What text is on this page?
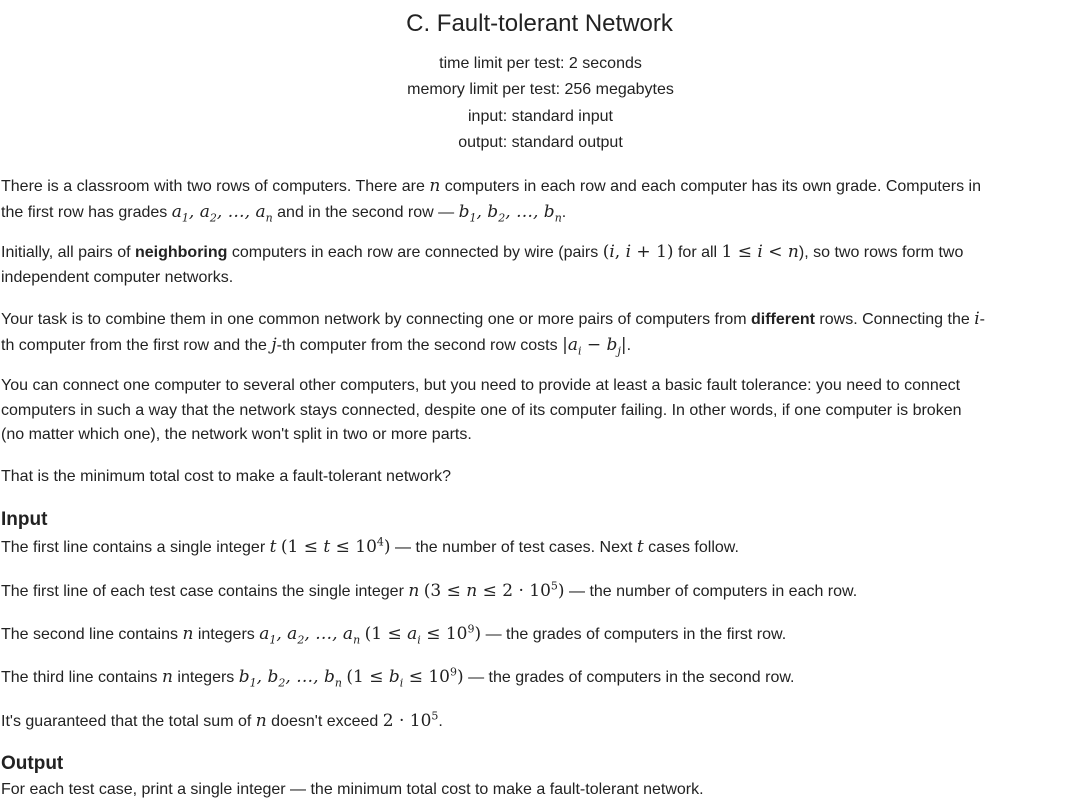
C. Fault-tolerant Network
time limit per test: 2 seconds
memory limit per test: 256 megabytes
input: standard input
output: standard output
There is a classroom with two rows of computers. There are n computers in each row and each computer has its own grade. Computers in
the first row has grades $a_1$, $a_2$, …, $a_n$ and in the second row — $b_1$, $b_2$, …, $b_n$.
Initially, all pairs of neighboring computers in each row are connected by wire (pairs (i, i + 1) for all 1 ≤ i < n), so two rows form two
independent computer networks.
Your task is to combine them in one common network by connecting one or more pairs of computers from different rows. Connecting the i-
th computer from the first row and the j-th computer from the second row costs $|a_i - b_j|$.
You can connect one computer to several other computers, but you need to provide at least a basic fault tolerance: you need to connect
computers in such a way that the network stays connected, despite one of its computer failing. In other words, if one computer is broken
(no matter which one), the network won't split in two or more parts.
That is the minimum total cost to make a fault-tolerant network?
Input
The first line contains a single integer t $(1 \le t \le 10^4)$ — the number of test cases. Next t cases follow.
The first line of each test case contains the single integer n $(3 \le n \le 2 \cdot 10^5)$ — the number of computers in each row.
The second line contains n integers $a_1$, $a_2$, …, $a_n$ $(1 \le a_i \le 10^9)$ — the grades of computers in the first row.
The third line contains n integers $b_1$, $b_2$, …, $b_n$ $(1 \le b_i \le 10^9)$ — the grades of computers in the second row.
It's guaranteed that the total sum of n doesn't exceed $2 \cdot 10^5$.
Output
For each test case, print a single integer — the minimum total cost to make a fault-tolerant network.
